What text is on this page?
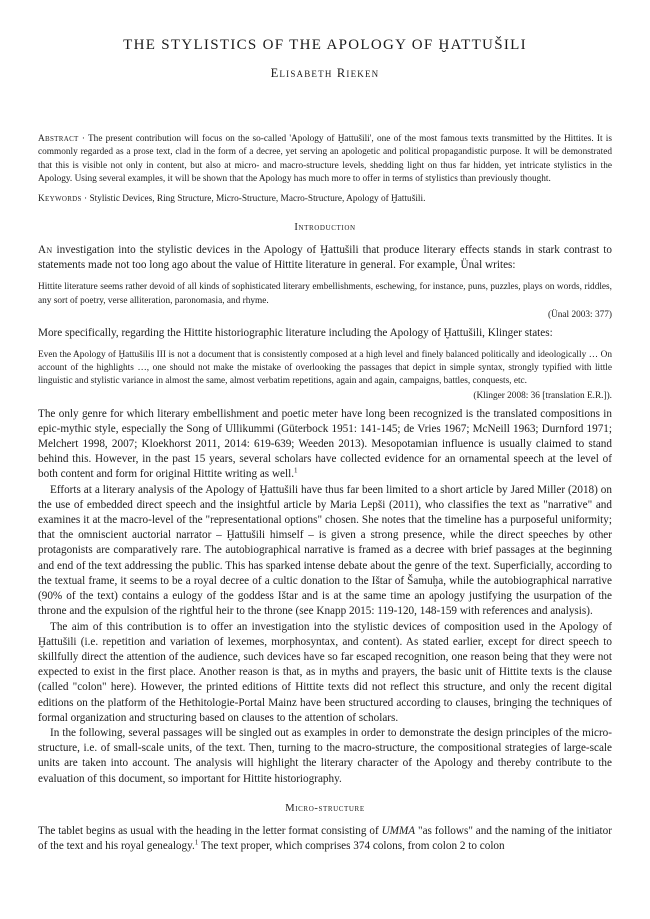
THE STYLISTICS OF THE APOLOGY OF ḪATTUŠILI
Elisabeth Rieken
Abstract · The present contribution will focus on the so-called 'Apology of Ḫattušili', one of the most famous texts transmitted by the Hittites. It is commonly regarded as a prose text, clad in the form of a decree, yet serving an apologetic and political propagandistic purpose. It will be demonstrated that this is visible not only in content, but also at micro- and macro-structure levels, shedding light on thus far hidden, yet intricate stylistics in the Apology. Using several examples, it will be shown that the Apology has much more to offer in terms of stylistics than previously thought.
Keywords · Stylistic Devices, Ring Structure, Micro-Structure, Macro-Structure, Apology of Ḫattušili.
Introduction

An investigation into the stylistic devices in the Apology of Ḫattušili that produce literary effects stands in stark contrast to statements made not too long ago about the value of Hittite literature in general. For example, Ünal writes:

Hittite literature seems rather devoid of all kinds of sophisticated literary embellishments, eschewing, for instance, puns, puzzles, plays on words, riddles, any sort of poetry, verse alliteration, paronomasia, and rhyme.
(Ünal 2003: 377)

More specifically, regarding the Hittite historiographic literature including the Apology of Ḫattušili, Klinger states:

Even the Apology of Ḫattušilis III is not a document that is consistently composed at a high level and finely balanced politically and ideologically … On account of the highlights …, one should not make the mistake of overlooking the passages that depict in simple syntax, strongly typified with little linguistic and stylistic variance in almost the same, almost verbatim repetitions, again and again, campaigns, battles, conquests, etc.
(Klinger 2008: 36 [translation E.R.]).

The only genre for which literary embellishment and poetic meter have long been recognized is the translated compositions in epic-mythic style, especially the Song of Ullikummi (Güterbock 1951: 141-145; de Vries 1967; McNeill 1963; Durnford 1971; Melchert 1998, 2007; Kloekhorst 2011, 2014: 619-639; Weeden 2013). Mesopotamian influence is usually claimed to stand behind this. However, in the past 15 years, several scholars have collected evidence for an ornamental speech at the level of both content and form for original Hittite writing as well.$^1$

Efforts at a literary analysis of the Apology of Ḫattušili have thus far been limited to a short article by Jared Miller (2018) on the use of embedded direct speech and the insightful article by Maria Lepši (2011), who classifies the text as "narrative" and examines it at the macro-level of the "representational options" chosen. She notes that the timeline has a purposeful uniformity; that the omniscient auctorial narrator – Ḫattušili himself – is given a strong presence, while the direct speeches by other protagonists are comparatively rare. The autobiographical narrative is framed as a decree with brief passages at the beginning and end of the text addressing the public. This has sparked intense debate about the genre of the text. Superficially, according to the textual frame, it seems to be a royal decree of a cultic donation to the Ištar of Šamuḫa, while the autobiographical narrative (90% of the text) contains a eulogy of the goddess Ištar and is at the same time an apology justifying the usurpation of the throne and the expulsion of the rightful heir to the throne (see Knapp 2015: 119-120, 148-159 with references and analysis).

The aim of this contribution is to offer an investigation into the stylistic devices of composition used in the Apology of Ḫattušili (i.e. repetition and variation of lexemes, morphosyntax, and content). As stated earlier, except for direct speech to skillfully direct the attention of the audience, such devices have so far escaped recognition, one reason being that they were not expected to exist in the first place. Another reason is that, as in myths and prayers, the basic unit of Hittite texts is the clause (called "colon" here). However, the printed editions of Hittite texts did not reflect this structure, and only the recent digital editions on the platform of the Hethitologie-Portal Mainz have been structured according to clauses, bringing the techniques of formal organization and structuring based on clauses to the attention of scholars.

In the following, several passages will be singled out as examples in order to demonstrate the design principles of the micro-structure, i.e. of small-scale units, of the text. Then, turning to the macro-structure, the compositional strategies of large-scale units are taken into account. The analysis will highlight the literary character of the Apology and thereby contribute to the evaluation of this document, so important for Hittite historiography.

Micro-structure

The tablet begins as usual with the heading in the letter format consisting of UMMA "as follows" and the naming of the initiator of the text and his royal genealogy.$^1$ The text proper, which comprises 374 colons, from colon 2 to colon
